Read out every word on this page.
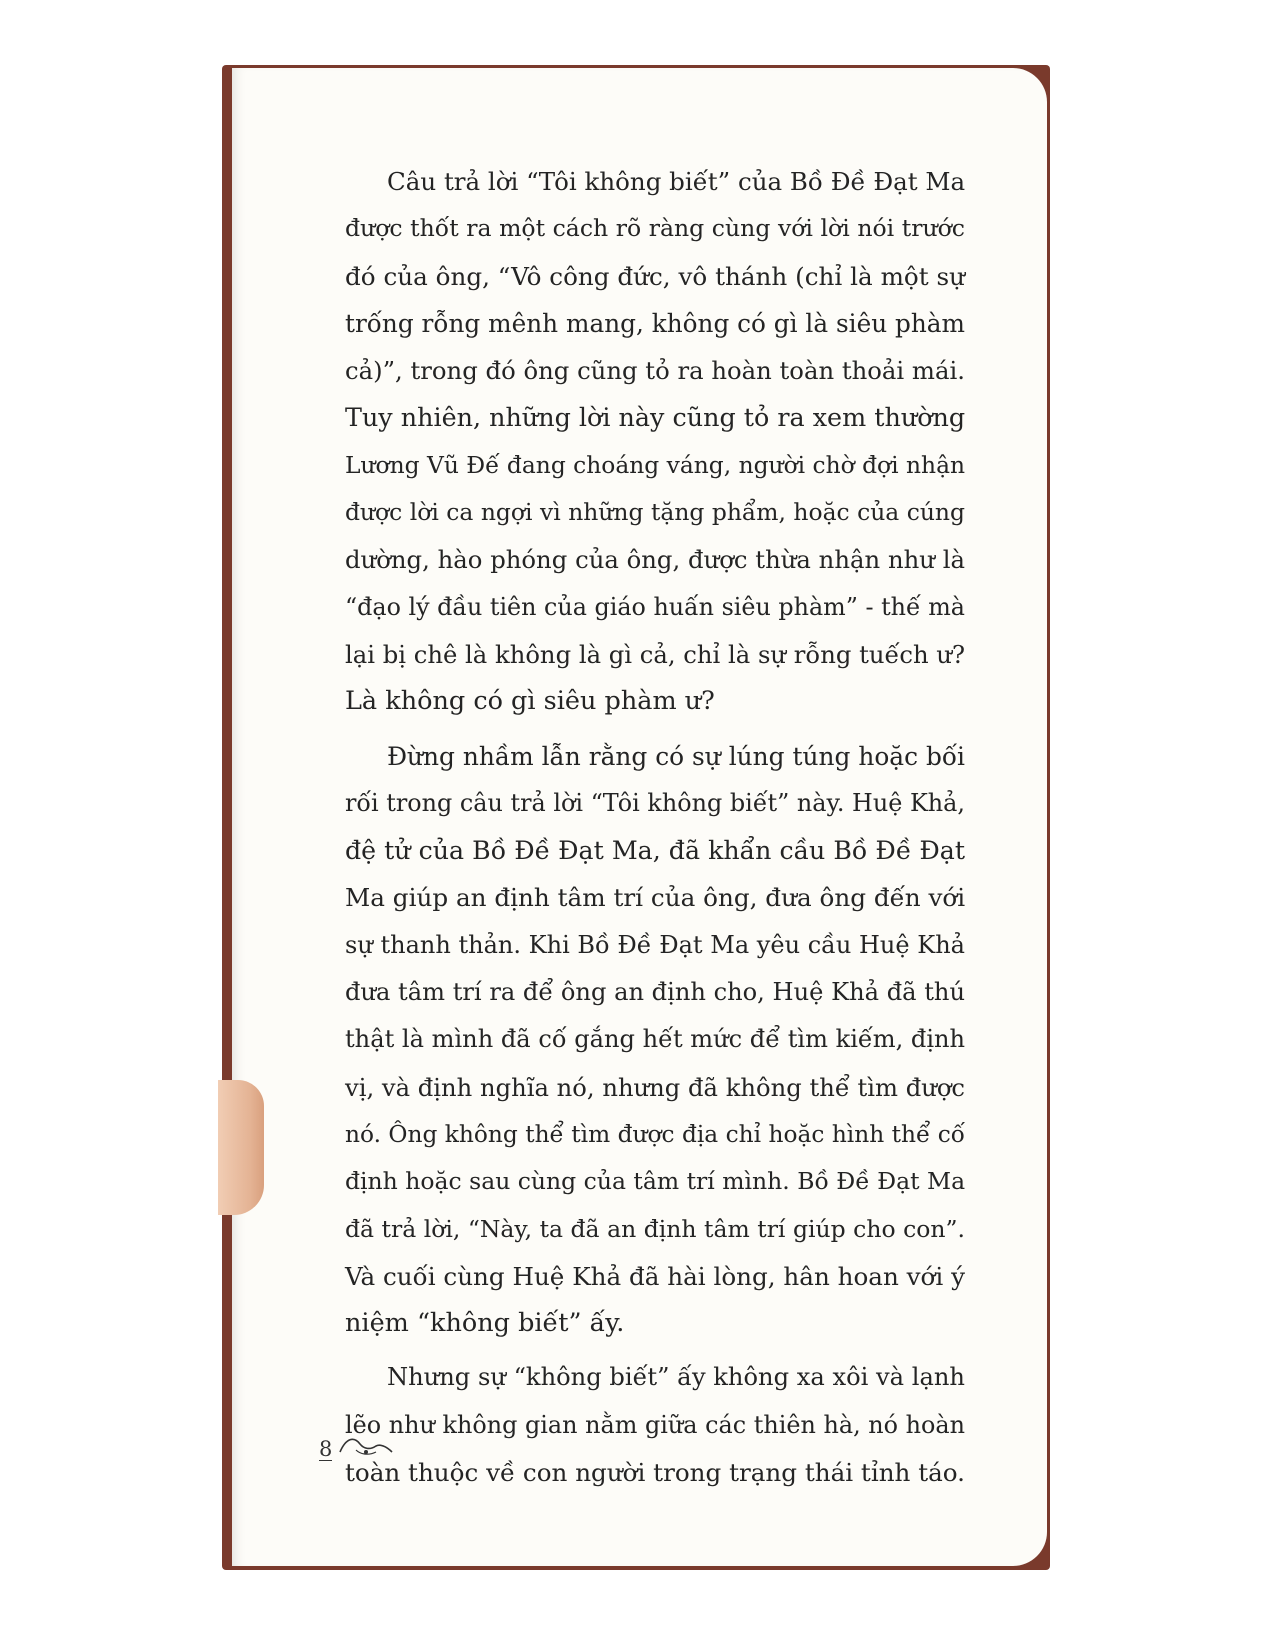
Câu trả lời “Tôi không biết” của Bồ Đề Đạt Ma
được thốt ra một cách rõ ràng cùng với lời nói trước
đó của ông, “Vô công đức, vô thánh (chỉ là một sự
trống rỗng mênh mang, không có gì là siêu phàm
cả)”, trong đó ông cũng tỏ ra hoàn toàn thoải mái.
Tuy nhiên, những lời này cũng tỏ ra xem thường
Lương Vũ Đế đang choáng váng, người chờ đợi nhận
được lời ca ngợi vì những tặng phẩm, hoặc của cúng
dường, hào phóng của ông, được thừa nhận như là
“đạo lý đầu tiên của giáo huấn siêu phàm” - thế mà
lại bị chê là không là gì cả, chỉ là sự rỗng tuếch ư?
Là không có gì siêu phàm ư?
Đừng nhầm lẫn rằng có sự lúng túng hoặc bối
rối trong câu trả lời “Tôi không biết” này. Huệ Khả,
đệ tử của Bồ Đề Đạt Ma, đã khẩn cầu Bồ Đề Đạt
Ma giúp an định tâm trí của ông, đưa ông đến với
sự thanh thản. Khi Bồ Đề Đạt Ma yêu cầu Huệ Khả
đưa tâm trí ra để ông an định cho, Huệ Khả đã thú
thật là mình đã cố gắng hết mức để tìm kiếm, định
vị, và định nghĩa nó, nhưng đã không thể tìm được
nó. Ông không thể tìm được địa chỉ hoặc hình thể cố
định hoặc sau cùng của tâm trí mình. Bồ Đề Đạt Ma
đã trả lời, “Này, ta đã an định tâm trí giúp cho con”.
Và cuối cùng Huệ Khả đã hài lòng, hân hoan với ý
niệm “không biết” ấy.
Nhưng sự “không biết” ấy không xa xôi và lạnh
lẽo như không gian nằm giữa các thiên hà, nó hoàn
toàn thuộc về con người trong trạng thái tỉnh táo.
8
